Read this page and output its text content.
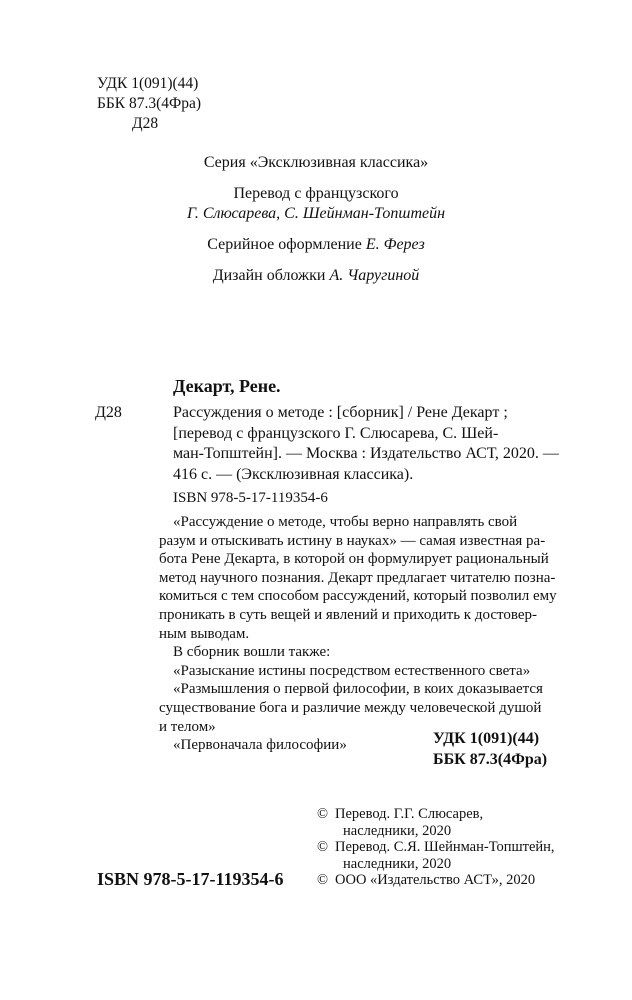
УДК 1(091)(44)
ББК 87.3(4Фра)
Д28
Серия «Эксклюзивная классика»
Перевод с французского
Г. Слюсарева, С. Шейнман-Топштейн
Серийное оформление Е. Ферез
Дизайн обложки А. Чаругиной
Декарт, Рене.
Д28	Рассуждения о методе : [сборник] / Рене Декарт ;
[перевод с французского Г. Слюсарева, С. Шей-
ман-Топштейн]. — Москва : Издательство АСТ, 2020. —
416 с. — (Эксклюзивная классика).
ISBN 978-5-17-119354-6
«Рассуждение о методе, чтобы верно направлять свой
разум и отыскивать истину в науках» — самая известная ра-
бота Рене Декарта, в которой он формулирует рациональный
метод научного познания. Декарт предлагает читателю позна-
комиться с тем способом рассуждений, который позволил ему
проникать в суть вещей и явлений и приходить к достовер-
ным выводам.
В сборник вошли также:
«Разыскание истины посредством естественного света»
«Размышления о первой философии, в коих доказывается
существование бога и различие между человеческой душой
и телом»
«Первоначала философии»	УДК 1(091)(44)
ББК 87.3(4Фра)
© Перевод. Г.Г. Слюсарев,
наследники, 2020
© Перевод. С.Я. Шейнман-Топштейн,
наследники, 2020
© ООО «Издательство АСТ», 2020
ISBN 978-5-17-119354-6
